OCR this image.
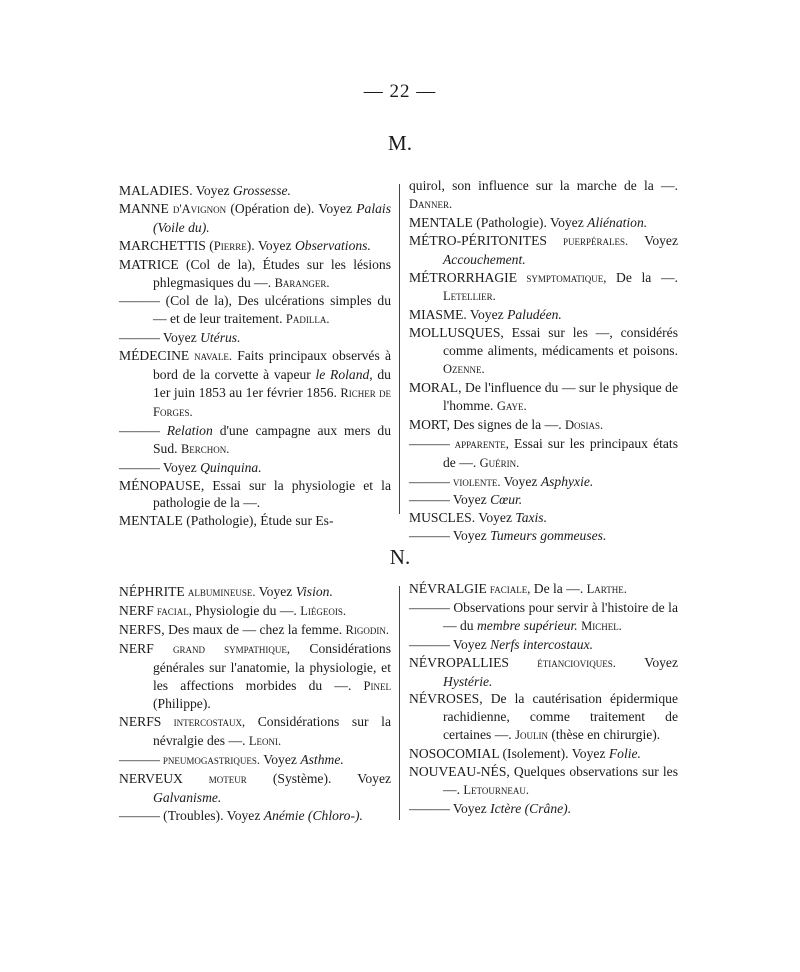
— 22 —
M.
MALADIES. Voyez Grossesse.
MANNE d'Avignon (Opération de). Voyez Palais (Voile du).
MARCHETTIS (Pierre). Voyez Observations.
MATRICE (Col de la), Études sur les lésions phlegmasiques du —. Baranger.
——— (Col de la), Des ulcérations simples du — et de leur traitement. Padilla.
——— Voyez Utérus.
MÉDECINE navale. Faits principaux observés à bord de la corvette à vapeur le Roland, du 1er juin 1853 au 1er février 1856. Richer de Forges.
——— Relation d'une campagne aux mers du Sud. Berchon.
——— Voyez Quinquina.
MÉNOPAUSE, Essai sur la physiologie et la pathologie de la —.
MENTALE (Pathologie), Étude sur Es-
quirol, son influence sur la marche de la —. Danner.
MENTALE (Pathologie). Voyez Aliénation.
MÉTRO-PÉRITONITES puerpérales. Voyez Accouchement.
MÉTRORRHAGIE symptomatique, De la —. Letellier.
MIASME. Voyez Paludéen.
MOLLUSQUES, Essai sur les —, considérés comme aliments, médicaments et poisons. Ozenne.
MORAL, De l'influence du — sur le physique de l'homme. Gaye.
MORT, Des signes de la —. Dosias.
——— apparente, Essai sur les principaux états de —. Guérin.
——— violente. Voyez Asphyxie.
——— Voyez Cœur.
MUSCLES. Voyez Taxis.
——— Voyez Tumeurs gommeuses.
N.
NÉPHRITE albumineuse. Voyez Vision.
NERF facial, Physiologie du —. Liégeois.
NERFS, Des maux de — chez la femme. Rigodin.
NERF grand sympathique, Considérations générales sur l'anatomie, la physiologie, et les affections morbides du —. Pinel (Philippe).
NERFS intercostaux, Considérations sur la névralgie des —. Leoni.
——— pneumogastriques. Voyez Asthme.
NERVEUX moteur (Système). Voyez Galvanisme.
——— (Troubles). Voyez Anémie (Chloro-).
NÉVRALGIE faciale, De la —. Larthe.
——— Observations pour servir à l'histoire de la — du membre supérieur. Michel.
——— Voyez Nerfs intercostaux.
NÉVROPALLIES étiancioviques. Voyez Hystérie.
NÉVROSES, De la cautérisation épidermique rachidienne, comme traitement de certaines —. Joulin (thèse en chirurgie).
NOSOCOMIAL (Isolement). Voyez Folie.
NOUVEAU-NÉS, Quelques observations sur les —. Letourneau.
——— Voyez Ictère (Crâne).
